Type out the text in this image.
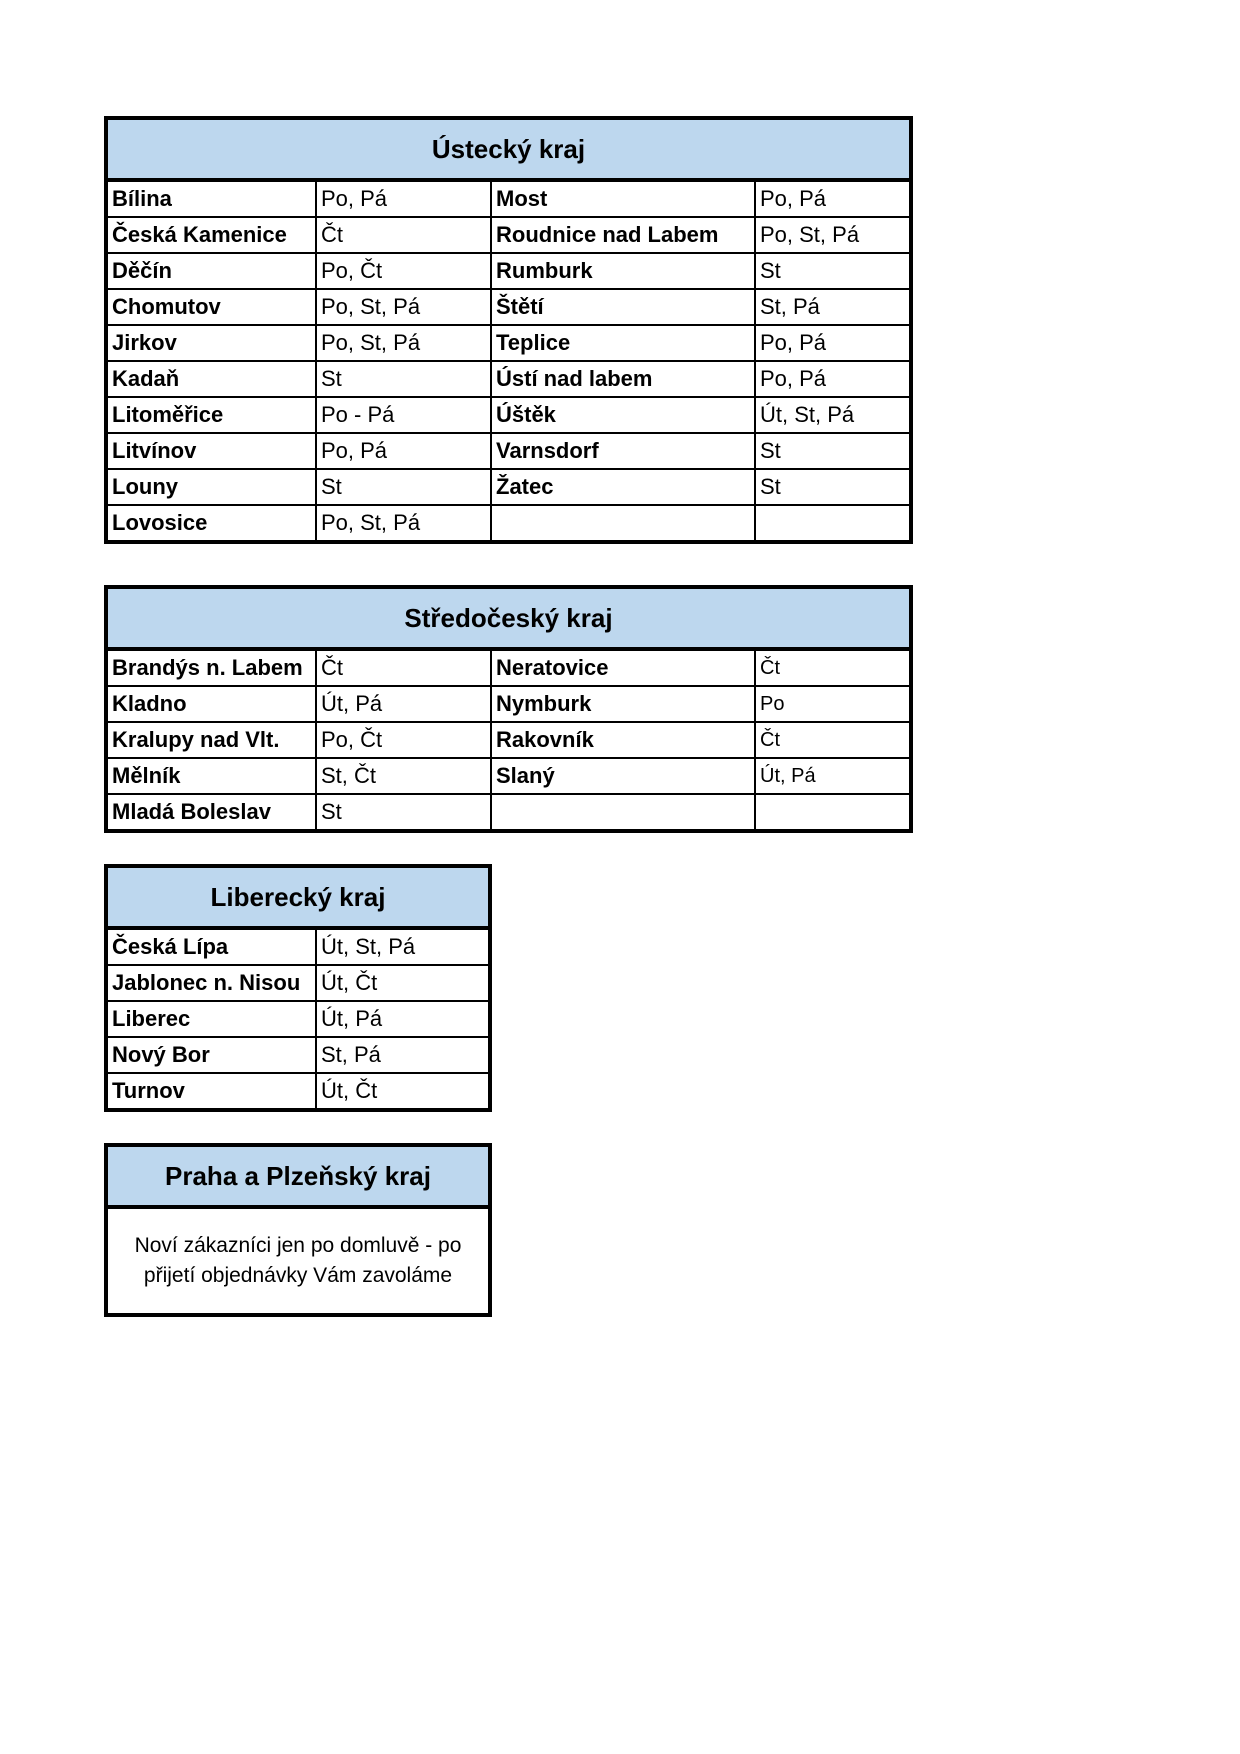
Ústecký kraj
Bílina	Po, Pá	Most	Po, Pá
Česká Kamenice	Čt	Roudnice nad Labem	Po, St, Pá
Děčín	Po, Čt	Rumburk	St
Chomutov	Po, St, Pá	Štětí	St, Pá
Jirkov	Po, St, Pá	Teplice	Po, Pá
Kadaň	St	Ústí nad labem	Po, Pá
Litoměřice	Po - Pá	Úštěk	Út, St, Pá
Litvínov	Po, Pá	Varnsdorf	St
Louny	St	Žatec	St
Lovosice	Po, St, Pá		
Středočeský kraj
Brandýs n. Labem	Čt	Neratovice	Čt
Kladno	Út, Pá	Nymburk	Po
Kralupy nad Vlt.	Po, Čt	Rakovník	Čt
Mělník	St, Čt	Slaný	Út, Pá
Mladá Boleslav	St		
Liberecký kraj
Česká Lípa	Út, St, Pá
Jablonec n. Nisou	Út, Čt
Liberec	Út, Pá
Nový Bor	St, Pá
Turnov	Út, Čt
Praha a Plzeňský kraj
Noví zákazníci jen po domluvě - po
přijetí objednávky Vám zavoláme
